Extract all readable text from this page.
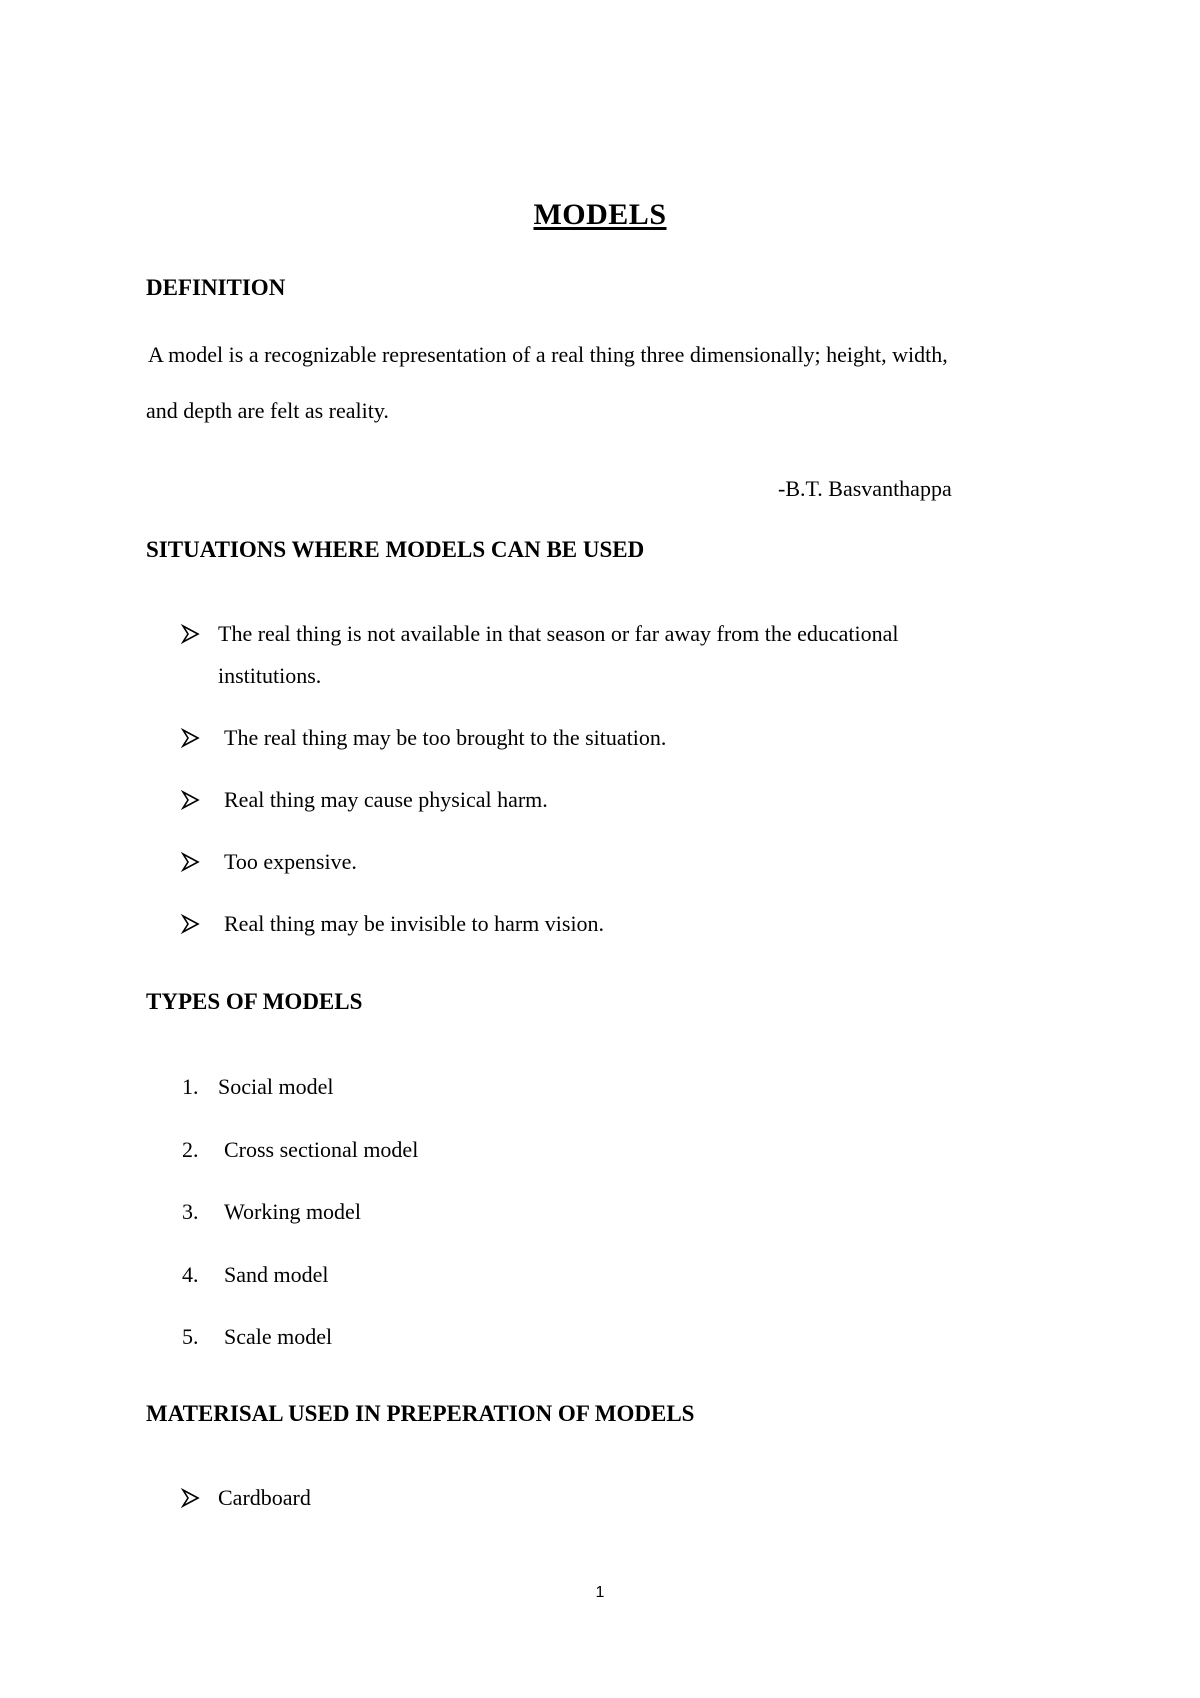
MODELS
DEFINITION
A model is a recognizable representation of a real thing three dimensionally; height, width,
and depth are felt as reality.
-B.T. Basvanthappa
SITUATIONS WHERE MODELS CAN BE USED
The real thing is not available in that season or far away from the educational
institutions.
The real thing may be too brought to the situation.
Real thing may cause physical harm.
Too expensive.
Real thing may be invisible to harm vision.
TYPES OF MODELS
1. Social model
2. Cross sectional model
3. Working model
4. Sand model
5. Scale model
MATERISAL USED IN PREPERATION OF MODELS
Cardboard
1
